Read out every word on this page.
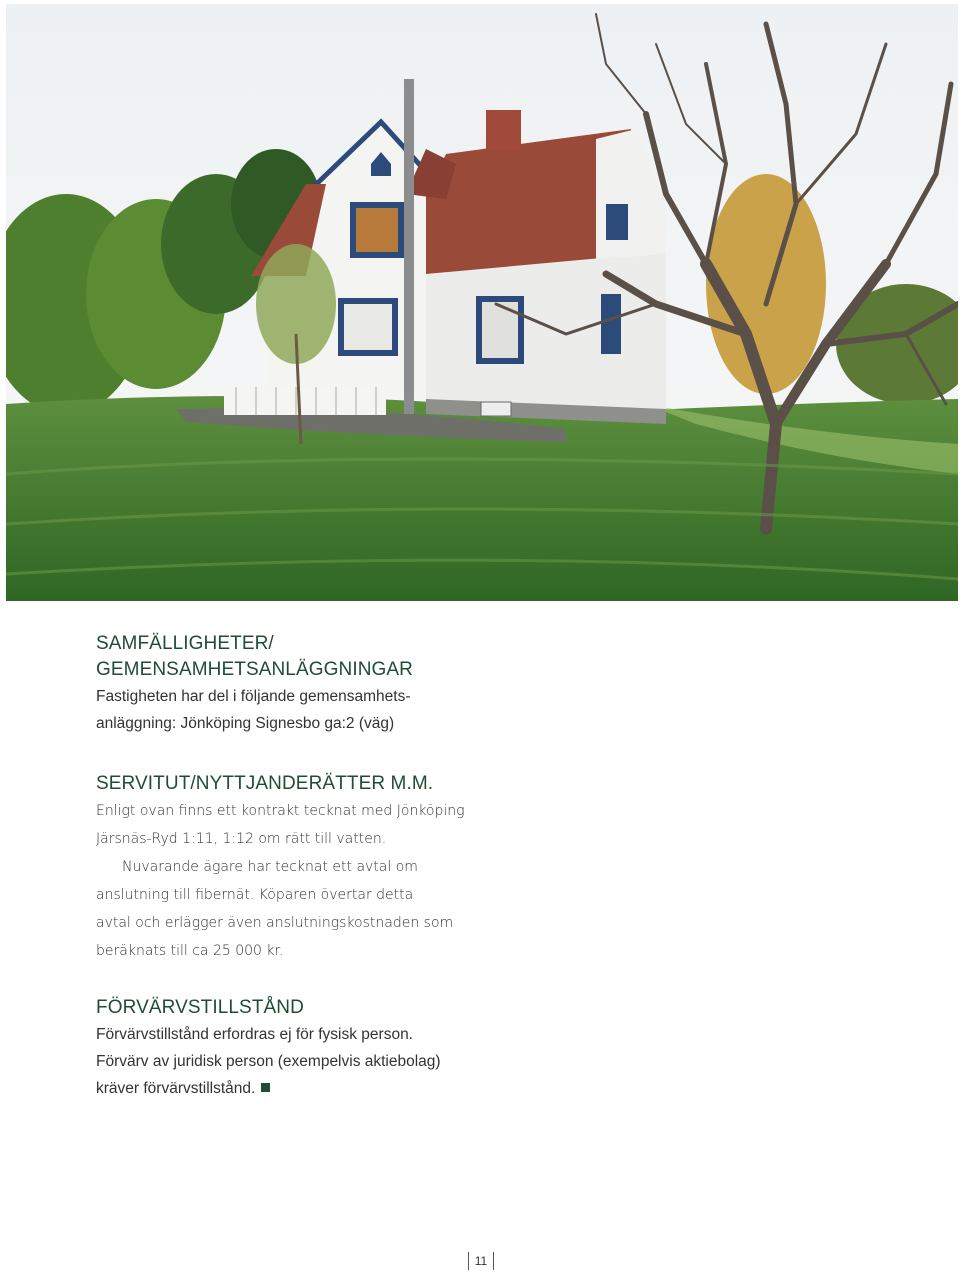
SAMFÄLLIGHETER/
GEMENSAMHETSANLÄGGNINGAR

Fastigheten har del i följande gemensamhets-
anläggning: Jönköping Signesbo ga:2 (väg)

SERVITUT/NYTTJANDERÄTTER M.M.

Enligt ovan finns ett kontrakt tecknat med Jönköping
Järsnäs-Ryd 1:11, 1:12 om rätt till vatten.
Nuvarande ägare har tecknat ett avtal om
anslutning till fibernät. Köparen övertar detta
avtal och erlägger även anslutningskostnaden som
beräknats till ca 25 000 kr.

FÖRVÄRVSTILLSTÅND

Förvärvstillstånd erfordras ej för fysisk person.
Förvärv av juridisk person (exempelvis aktiebolag)
kräver förvärvstillstånd.

11
